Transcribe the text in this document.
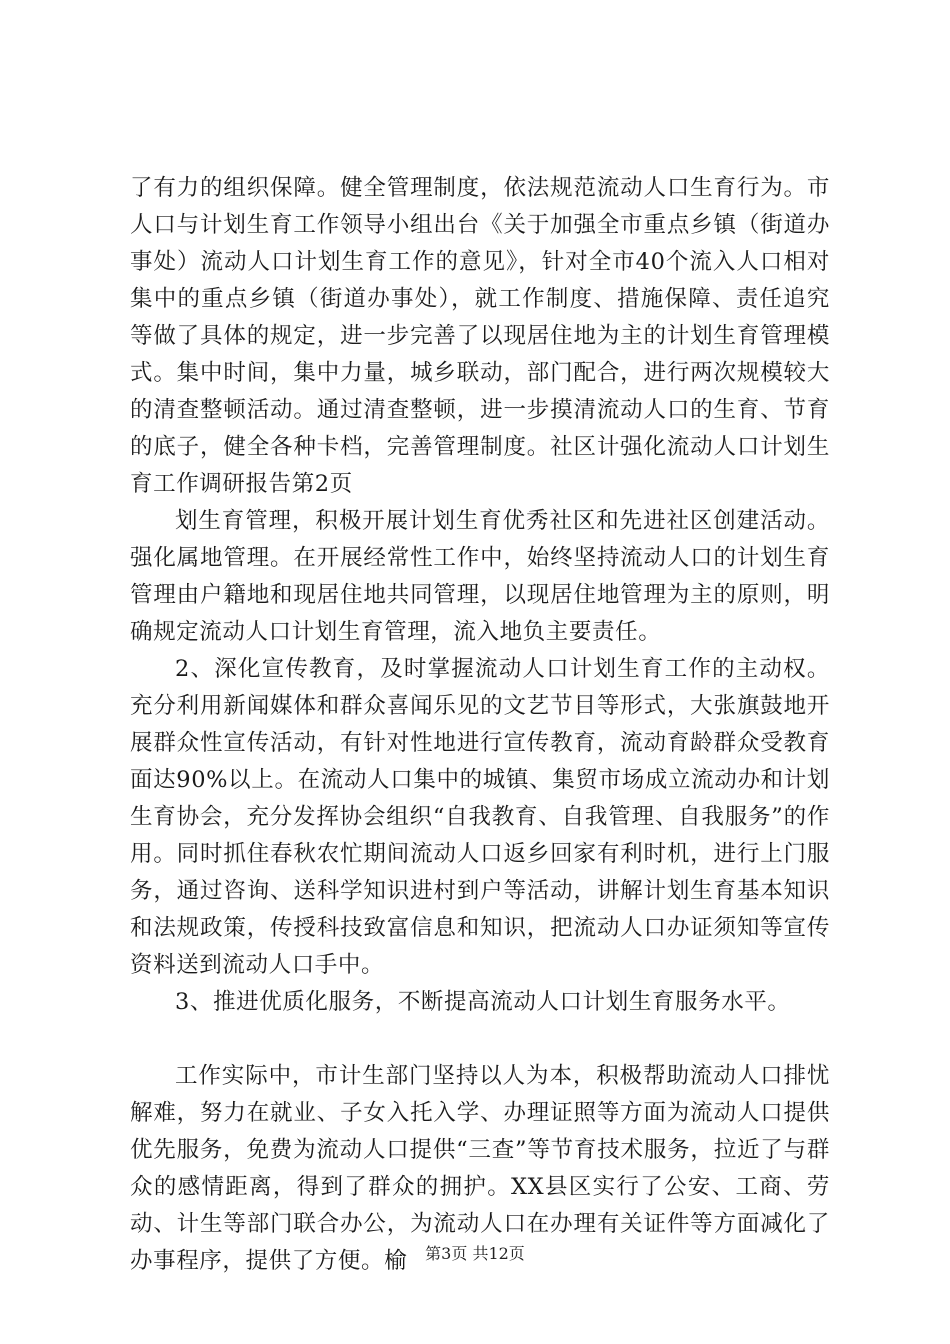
了有力的组织保障。健全管理制度，依法规范流动人口生育行为。市人口与计划生育工作领导小组出台《关于加强全市重点乡镇（街道办事处）流动人口计划生育工作的意见》，针对全市40个流入人口相对集中的重点乡镇（街道办事处），就工作制度、措施保障、责任追究等做了具体的规定，进一步完善了以现居住地为主的计划生育管理模式。集中时间，集中力量，城乡联动，部门配合，进行两次规模较大的清查整顿活动。通过清查整顿，进一步摸清流动人口的生育、节育的底子，健全各种卡档，完善管理制度。社区计强化流动人口计划生育工作调研报告第2页

划生育管理，积极开展计划生育优秀社区和先进社区创建活动。强化属地管理。在开展经常性工作中，始终坚持流动人口的计划生育管理由户籍地和现居住地共同管理，以现居住地管理为主的原则，明确规定流动人口计划生育管理，流入地负主要责任。

2、深化宣传教育，及时掌握流动人口计划生育工作的主动权。充分利用新闻媒体和群众喜闻乐见的文艺节目等形式，大张旗鼓地开展群众性宣传活动，有针对性地进行宣传教育，流动育龄群众受教育面达90%以上。在流动人口集中的城镇、集贸市场成立流动办和计划生育协会，充分发挥协会组织“自我教育、自我管理、自我服务”的作用。同时抓住春秋农忙期间流动人口返乡回家有利时机，进行上门服务，通过咨询、送科学知识进村到户等活动，讲解计划生育基本知识和法规政策，传授科技致富信息和知识，把流动人口办证须知等宣传资料送到流动人口手中。

3、推进优质化服务，不断提高流动人口计划生育服务水平。

工作实际中，市计生部门坚持以人为本，积极帮助流动人口排忧解难，努力在就业、子女入托入学、办理证照等方面为流动人口提供优先服务，免费为流动人口提供“三查”等节育技术服务，拉近了与群众的感情距离，得到了群众的拥护。XX县区实行了公安、工商、劳动、计生等部门联合办公，为流动人口在办理有关证件等方面减化了办事程序，提供了方便。榆	第3页 共12页
